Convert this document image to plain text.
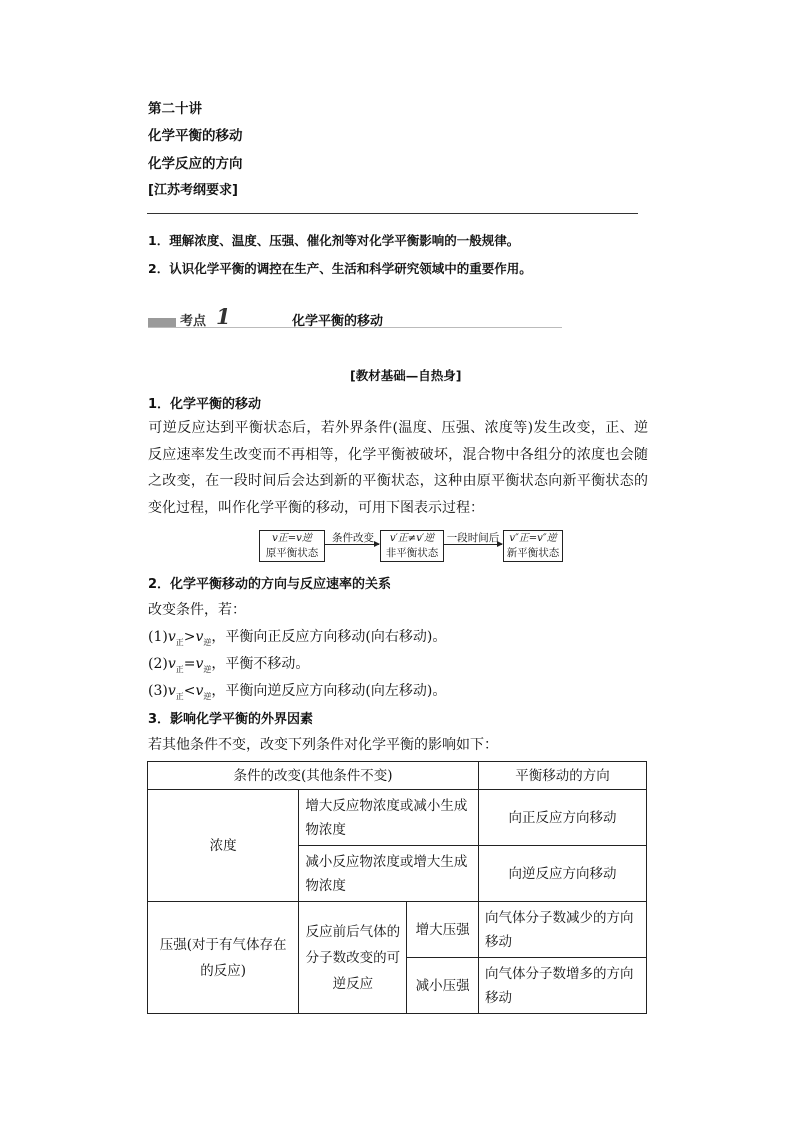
第二十讲
化学平衡的移动
化学反应的方向
[江苏考纲要求]
1．理解浓度、温度、压强、催化剂等对化学平衡影响的一般规律。
2．认识化学平衡的调控在生产、生活和科学研究领域中的重要作用。
考点 1	化学平衡的移动
[教材基础—自热身]
1．化学平衡的移动
可逆反应达到平衡状态后，若外界条件(温度、压强、浓度等)发生改变，正、逆反应速率发生改变而不再相等，化学平衡被破坏，混合物中各组分的浓度也会随之改变，在一段时间后会达到新的平衡状态，这种由原平衡状态向新平衡状态的变化过程，叫作化学平衡的移动，可用下图表示过程：
v正=v逆
原平衡状态
条件改变	v′正≠v′逆
非平衡状态
一段时间后	v″正=v″逆
新平衡状态
2．化学平衡移动的方向与反应速率的关系
改变条件，若：
$(1)v_正>v_逆$，平衡向正反应方向移动(向右移动)。
$(2)v_正=v_逆$，平衡不移动。
$(3)v_正<v_逆$，平衡向逆反应方向移动(向左移动)。
3．影响化学平衡的外界因素
若其他条件不变，改变下列条件对化学平衡的影响如下：
条件的改变(其他条件不变)			平衡移动的方向
浓度	增大反应物浓度或减小生成物浓度		向正反应方向移动
	减小反应物浓度或增大生成物浓度		向逆反应方向移动
压强(对于有气体存在的反应)	反应前后气体的分子数改变的可逆反应	增大压强	向气体分子数减少的方向移动
		减小压强	向气体分子数增多的方向移动
